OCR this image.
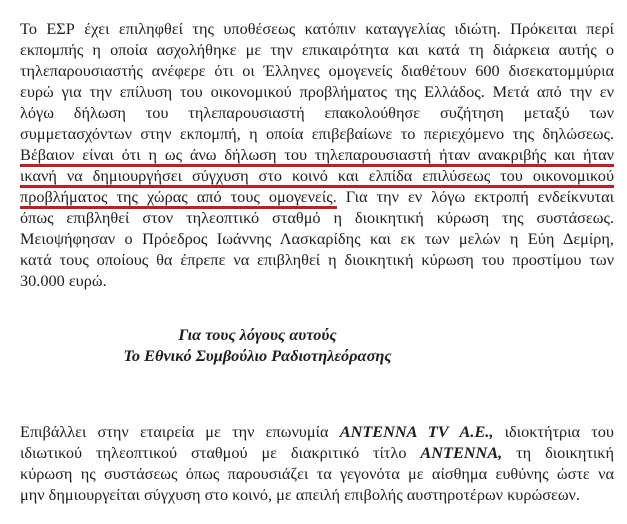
Το ΕΣΡ έχει επιληφθεί της υποθέσεως κατόπιν καταγγελίας ιδιώτη. Πρόκειται περί
εκπομπής η οποία ασχολήθηκε με την επικαιρότητα και κατά τη διάρκεια αυτής ο
τηλεπαρουσιαστής ανέφερε ότι οι Έλληνες ομογενείς διαθέτουν 600 δισεκατομμύρια
ευρώ για την επίλυση του οικονομικού προβλήματος της Ελλάδος. Μετά από την εν
λόγω δήλωση του τηλεπαρουσιαστή επακολούθησε συζήτηση μεταξύ των
συμμετασχόντων στην εκπομπή, η οποία επιβεβαίωνε το περιεχόμενο της δηλώσεως.
Βέβαιον είναι ότι η ως άνω δήλωση του τηλεπαρουσιαστή ήταν ανακριβής και ήταν
ικανή να δημιουργήσει σύγχυση στο κοινό και ελπίδα επιλύσεως του οικονομικού
προβλήματος της χώρας από τους ομογενείς. Για την εν λόγω εκτροπή ενδείκνυται
όπως επιβληθεί στον τηλεοπτικό σταθμό η διοικητική κύρωση της συστάσεως.
Μειοψήφησαν ο Πρόεδρος Ιωάννης Λασκαρίδης και εκ των μελών η Εύη Δεμίρη,
κατά τους οποίους θα έπρεπε να επιβληθεί η διοικητική κύρωση του προστίμου των
30.000 ευρώ.
Για τους λόγους αυτούς
Το Εθνικό Συμβούλιο Ραδιοτηλεόρασης
Επιβάλλει στην εταιρεία με την επωνυμία ΑΝΤΕΝΝΑ TV Α.Ε., ιδιοκτήτρια του
ιδιωτικού τηλεοπτικού σταθμού με διακριτικό τίτλο ΑΝΤΕΝΝΑ, τη διοικητική
κύρωση ης συστάσεως όπως παρουσιάζει τα γεγονότα με αίσθημα ευθύνης ώστε να
μην δημιουργείται σύγχυση στο κοινό, με απειλή επιβολής αυστηροτέρων κυρώσεων.
